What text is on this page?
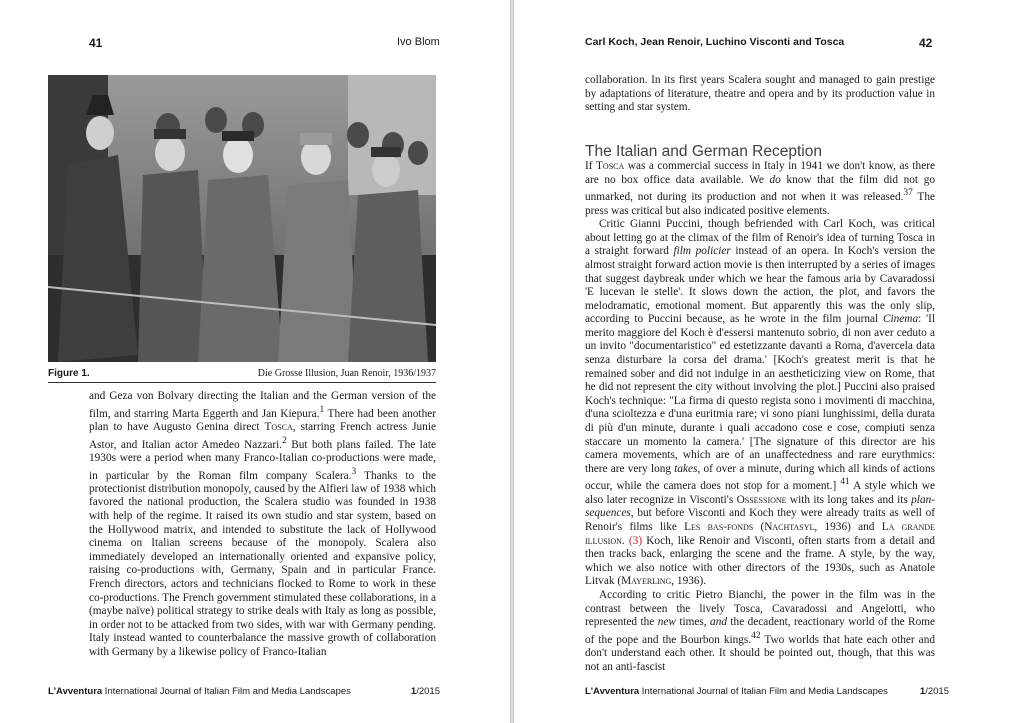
41	Ivo Blom
Figure 1.	Die Grosse Illusion, Juan Renoir, 1936/1937

and Geza von Bolvary directing the Italian and the German version of the film, and starring Marta Eggerth and Jan Kiepura.$^1$ There had been another plan to have Augusto Genina direct Tosca, starring French actress Junie Astor, and Italian actor Amedeo Nazzari.$^2$ But both plans failed. The late 1930s were a period when many Franco-Italian co-productions were made, in particular by the Roman film company Scalera.$^3$ Thanks to the protectionist distribution monopoly, caused by the Alfieri law of 1938 which favored the national production, the Scalera studio was founded in 1938 with help of the regime. It raised its own studio and star system, based on the Hollywood matrix, and intended to substitute the lack of Hollywood cinema on Italian screens because of the monopoly. Scalera also immediately developed an internationally oriented and expansive policy, raising co-productions with, Germany, Spain and in particular France. French directors, actors and technicians flocked to Rome to work in these co-productions. The French government stimulated these collaborations, in a (maybe naïve) political strategy to strike deals with Italy as long as possible, in order not to be attacked from two sides, with war with Germany pending. Italy instead wanted to counterbalance the massive growth of collaboration with Germany by a likewise policy of Franco-Italian

L'Avventura International Journal of Italian Film and Media Landscapes	1/2015
Carl Koch, Jean Renoir, Luchino Visconti and Tosca	42

collaboration. In its first years Scalera sought and managed to gain prestige by adaptations of literature, theatre and opera and by its production value in setting and star system.

The Italian and German Reception

If Tosca was a commercial success in Italy in 1941 we don't know, as there are no box office data available. We do know that the film did not go unmarked, not during its production and not when it was released.$^{37}$ The press was critical but also indicated positive elements.

Critic Gianni Puccini, though befriended with Carl Koch, was critical about letting go at the climax of the film of Renoir's idea of turning Tosca in a straight forward film policier instead of an opera. In Koch's version the almost straight forward action movie is then interrupted by a series of images that suggest daybreak under which we hear the famous aria by Cavaradossi 'E lucevan le stelle'. It slows down the action, the plot, and favors the melodramatic, emotional moment. But apparently this was the only slip, according to Puccini because, as he wrote in the film journal Cinema: 'Il merito maggiore del Koch è d'essersi mantenuto sobrio, di non aver ceduto a un invito "documentaristico" ed estetizzante davanti a Roma, d'avercela data senza disturbare la corsa del drama.' [Koch's greatest merit is that he remained sober and did not indulge in an aestheticizing view on Rome, that he did not represent the city without involving the plot.] Puccini also praised Koch's technique: "La firma di questo regista sono i movimenti di macchina, d'una scioltezza e d'una euritmia rare; vi sono piani lunghissimi, della durata di più d'un minute, durante i quali accadono cose e cose, compiuti senza staccare un momento la camera.' [The signature of this director are his camera movements, which are of an unaffectedness and rare eurythmics: there are very long takes, of over a minute, during which all kinds of actions occur, while the camera does not stop for a moment.] $^{41}$ A style which we also later recognize in Visconti's Ossessione with its long takes and its plan-sequences, but before Visconti and Koch they were already traits as well of Renoir's films like Les bas-fonds (Nachtasyl, 1936) and La grande illusion. (3) Koch, like Renoir and Visconti, often starts from a detail and then tracks back, enlarging the scene and the frame. A style, by the way, which we also notice with other directors of the 1930s, such as Anatole Litvak (Mayerling, 1936).

According to critic Pietro Bianchi, the power in the film was in the contrast between the lively Tosca, Cavaradossi and Angelotti, who represented the new times, and the decadent, reactionary world of the Rome of the pope and the Bourbon kings.$^{42}$ Two worlds that hate each other and don't understand each other. It should be pointed out, though, that this was not an anti-fascist

L'Avventura International Journal of Italian Film and Media Landscapes	1/2015
